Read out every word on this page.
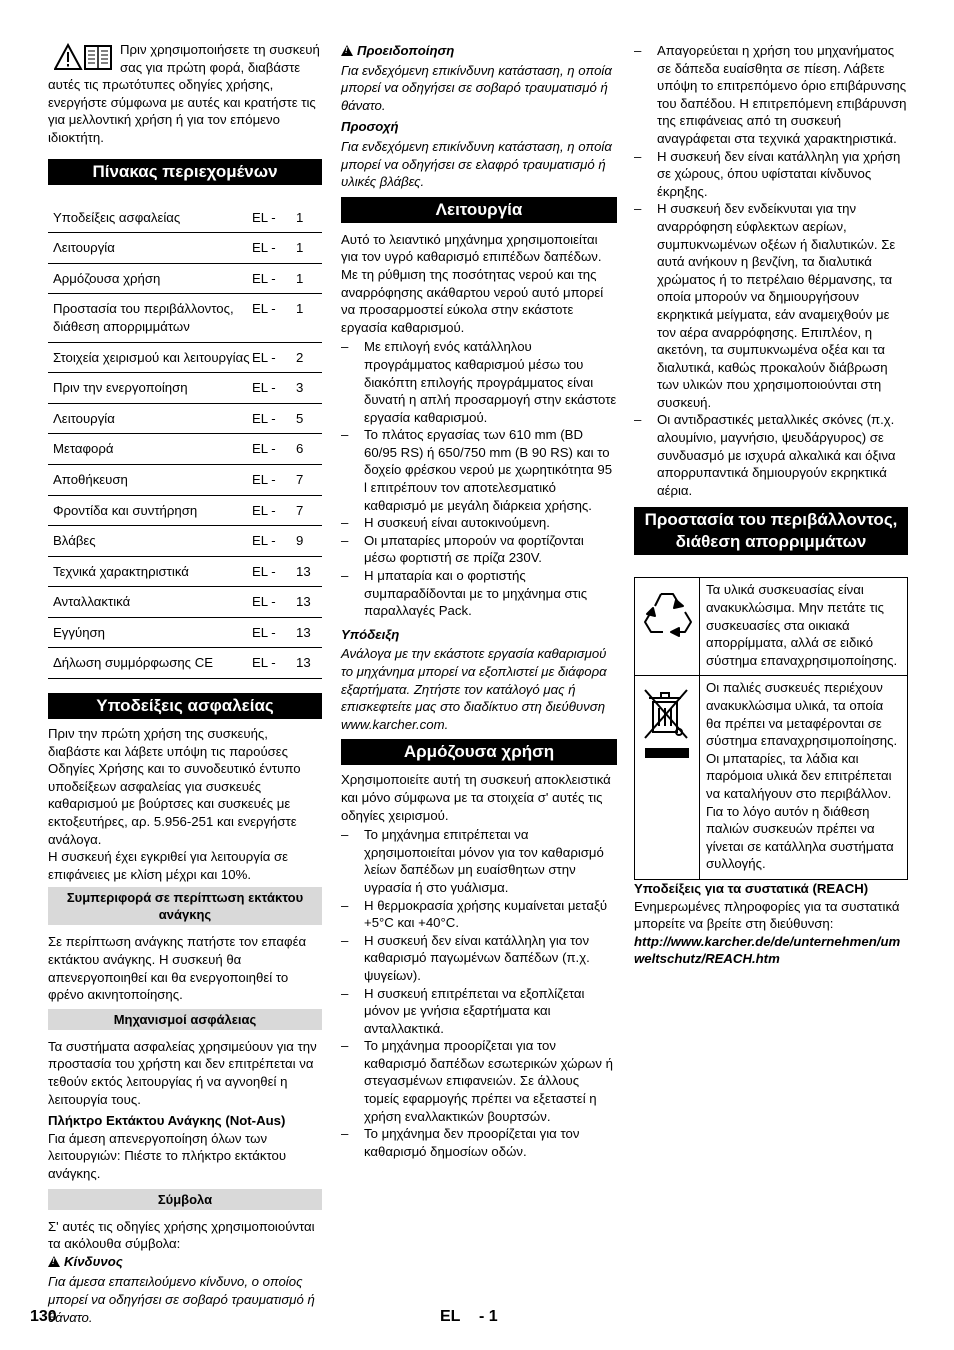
Πριν χρησιμοποιήσετε τη συσκευή σας για πρώτη φορά, διαβάστε αυτές τις πρωτότυπες οδηγίες χρήσης, ενεργήστε σύμφωνα με αυτές και κρατήστε τις για μελλοντική χρήση ή για τον επόμενο ιδιοκτήτη.

Πίνακας περιεχομένων
Υποδείξεις ασφαλείας	EL -	1
Λειτουργία	EL -	1
Αρμόζουσα χρήση	EL -	1
Προστασία του περιβάλλοντος, διάθεση απορριμμάτων	EL -	1
Στοιχεία χειρισμού και λειτουργίας	EL -	2
Πριν την ενεργοποίηση	EL -	3
Λειτουργία	EL -	5
Μεταφορά	EL -	6
Αποθήκευση	EL -	7
Φροντίδα και συντήρηση	EL -	7
Βλάβες	EL -	9
Τεχνικά χαρακτηριστικά	EL -	13
Ανταλλακτικά	EL -	13
Εγγύηση	EL -	13
Δήλωση συμμόρφωσης CE	EL -	13
Υποδείξεις ασφαλείας

Πριν την πρώτη χρήση της συσκευής, διαβάστε και λάβετε υπόψη τις παρούσες Οδηγίες Χρήσης και το συνοδευτικό έντυπο υποδείξεων ασφαλείας για συσκευές καθαρισμού με βούρτσες και συσκευές με εκτοξευτήρες, αρ. 5.956-251 και ενεργήστε ανάλογα.

Η συσκευή έχει εγκριθεί για λειτουργία σε επιφάνειες με κλίση μέχρι και 10%.

Συμπεριφορά σε περίπτωση εκτάκτου ανάγκης

Σε περίπτωση ανάγκης πατήστε τον επαφέα εκτάκτου ανάγκης. Η συσκευή θα απενεργοποιηθεί και θα ενεργοποιηθεί το φρένο ακινητοποίησης.

Μηχανισμοί ασφάλειας

Τα συστήματα ασφαλείας χρησιμεύουν για την προστασία του χρήστη και δεν επιτρέπεται να τεθούν εκτός λειτουργίας ή να αγνοηθεί η λειτουργία τους.

Πλήκτρο Εκτάκτου Ανάγκης (Not-Aus)

Για άμεση απενεργοποίηση όλων των λειτουργιών: Πιέστε το πλήκτρο εκτάκτου ανάγκης.

Σύμβολα

Σ' αυτές τις οδηγίες χρήσης χρησιμοποιούνται τα ακόλουθα σύμβολα:

!Κίνδυνος

Για άμεσα επαπειλούμενο κίνδυνο, ο οποίος μπορεί να οδηγήσει σε σοβαρό τραυματισμό ή θάνατο.

!Προειδοποίηση

Για ενδεχόμενη επικίνδυνη κατάσταση, η οποία μπορεί να οδηγήσει σε σοβαρό τραυματισμό ή θάνατο.

Προσοχή

Για ενδεχόμενη επικίνδυνη κατάσταση, η οποία μπορεί να οδηγήσει σε ελαφρό τραυματισμό ή υλικές βλάβες.

Λειτουργία

Αυτό το λειαντικό μηχάνημα χρησιμοποιείται για τον υγρό καθαρισμό επιπέδων δαπέδων.

Με τη ρύθμιση της ποσότητας νερού και της αναρρόφησης ακάθαρτου νερού αυτό μπορεί να προσαρμοστεί εύκολα στην εκάστοτε εργασία καθαρισμού.

– Με επιλογή ενός κατάλληλου προγράμματος καθαρισμού μέσω του διακόπτη επιλογής προγράμματος είναι δυνατή η απλή προσαρμογή στην εκάστοτε εργασία καθαρισμού.
– Το πλάτος εργασίας των 610 mm (BD 60/95 RS) ή 650/750 mm (B 90 RS) και το δοχείο φρέσκου νερού με χωρητικότητα 95 l επιτρέπουν τον αποτελεσματικό καθαρισμό με μεγάλη διάρκεια χρήσης.
– Η συσκευή είναι αυτοκινούμενη.
– Οι μπαταρίες μπορούν να φορτίζονται μέσω φορτιστή σε πρίζα 230V.
– Η μπαταρία και ο φορτιστής συμπαραδίδονται με το μηχάνημα στις παραλλαγές Pack.

Υπόδειξη

Ανάλογα με την εκάστοτε εργασία καθαρισμού το μηχάνημα μπορεί να εξοπλιστεί με διάφορα εξαρτήματα. Ζητήστε τον κατάλογό μας ή επισκεφτείτε μας στο διαδίκτυο στη διεύθυνση www.karcher.com.

Αρμόζουσα χρήση

Χρησιμοποιείτε αυτή τη συσκευή αποκλειστικά και μόνο σύμφωνα με τα στοιχεία σ' αυτές τις οδηγίες χειρισμού.

– Το μηχάνημα επιτρέπεται να χρησιμοποιείται μόνον για τον καθαρισμό λείων δαπέδων μη ευαίσθητων στην υγρασία ή στο γυάλισμα.
– Η θερμοκρασία χρήσης κυμαίνεται μεταξύ +5°C και +40°C.
– Η συσκευή δεν είναι κατάλληλη για τον καθαρισμό παγωμένων δαπέδων (π.χ. ψυγείων).
– Η συσκευή επιτρέπεται να εξοπλίζεται μόνον με γνήσια εξαρτήματα και ανταλλακτικά.
– Το μηχάνημα προορίζεται για τον καθαρισμό δαπέδων εσωτερικών χώρων ή στεγασμένων επιφανειών. Σε άλλους τομείς εφαρμογής πρέπει να εξεταστεί η χρήση εναλλακτικών βουρτσών.
– Το μηχάνημα δεν προορίζεται για τον καθαρισμό δημοσίων οδών.
– Απαγορεύεται η χρήση του μηχανήματος σε δάπεδα ευαίσθητα σε πίεση. Λάβετε υπόψη το επιτρεπόμενο όριο επιβάρυνσης του δαπέδου. Η επιτρεπόμενη επιβάρυνση της επιφάνειας από τη συσκευή αναγράφεται στα τεχνικά χαρακτηριστικά.
– Η συσκευή δεν είναι κατάλληλη για χρήση σε χώρους, όπου υφίσταται κίνδυνος έκρηξης.
– Η συσκευή δεν ενδείκνυται για την αναρρόφηση εύφλεκτων αερίων, συμπυκνωμένων οξέων ή διαλυτικών. Σε αυτά ανήκουν η βενζίνη, τα διαλυτικά χρώματος ή το πετρέλαιο θέρμανσης, τα οποία μπορούν να δημιουργήσουν εκρηκτικά μείγματα, εάν αναμειχθούν με τον αέρα αναρρόφησης. Επιπλέον, η ακετόνη, τα συμπυκνωμένα οξέα και τα διαλυτικά, καθώς προκαλούν διάβρωση των υλικών που χρησιμοποιούνται στη συσκευή.
– Οι αντιδραστικές μεταλλικές σκόνες (π.χ. αλουμίνιο, μαγνήσιο, ψευδάργυρος) σε συνδυασμό με ισχυρά αλκαλικά και όξινα απορρυπαντικά δημιουργούν εκρηκτικά αέρια.
Προστασία του περιβάλλοντος, διάθεση απορριμμάτων
	Τα υλικά συσκευασίας είναι ανακυκλώσιμα. Μην πετάτε τις συσκευασίες στα οικιακά απορρίμματα, αλλά σε ειδικό σύστημα επαναχρησιμοποίησης.
	Οι παλιές συσκευές περιέχουν ανακυκλώσιμα υλικά, τα οποία θα πρέπει να μεταφέρονται σε σύστημα επαναχρησιμοποίησης. Οι μπαταρίες, τα λάδια και παρόμοια υλικά δεν επιτρέπεται να καταλήγουν στο περιβάλλον. Για το λόγο αυτόν η διάθεση παλιών συσκευών πρέπει να γίνεται σε κατάλληλα συστήματα συλλογής.

Υποδείξεις για τα συστατικά (REACH)

Ενημερωμένες πληροφορίες για τα συστατικά μπορείτε να βρείτε στη διεύθυνση:

http://www.karcher.de/de/unternehmen/umweltschutz/REACH.htm

130	EL - 1
